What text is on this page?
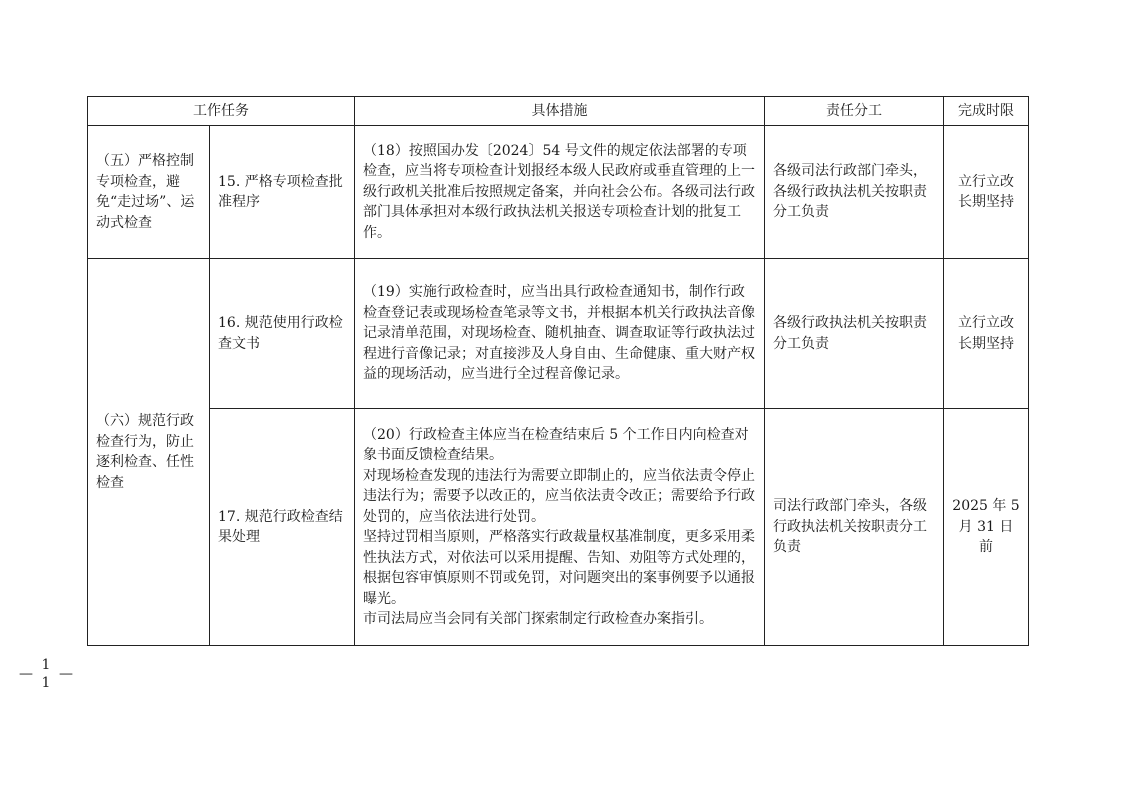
工作任务		具体措施	责任分工	完成时限
（五）严格控制专项检查，避免“走过场”、运动式检查	15. 严格专项检查批准程序	（18）按照国办发〔2024〕54 号文件的规定依法部署的专项检查，应当将专项检查计划报经本级人民政府或垂直管理的上一级行政机关批准后按照规定备案，并向社会公布。各级司法行政部门具体承担对本级行政执法机关报送专项检查计划的批复工作。	各级司法行政部门牵头，各级行政执法机关按职责分工负责	立行立改长期坚持
（六）规范行政检查行为，防止逐利检查、任性检查	16. 规范使用行政检查文书	（19）实施行政检查时，应当出具行政检查通知书，制作行政检查登记表或现场检查笔录等文书，并根据本机关行政执法音像记录清单范围，对现场检查、随机抽查、调查取证等行政执法过程进行音像记录；对直接涉及人身自由、生命健康、重大财产权益的现场活动，应当进行全过程音像记录。	各级行政执法机关按职责分工负责	立行立改长期坚持
	17. 规范行政检查结果处理	（20）行政检查主体应当在检查结束后 5 个工作日内向检查对象书面反馈检查结果。
对现场检查发现的违法行为需要立即制止的，应当依法责令停止违法行为；需要予以改正的，应当依法责令改正；需要给予行政处罚的，应当依法进行处罚。
坚持过罚相当原则，严格落实行政裁量权基准制度，更多采用柔性执法方式，对依法可以采用提醒、告知、劝阻等方式处理的，根据包容审慎原则不罚或免罚，对问题突出的案事例要予以通报曝光。
市司法局应当会同有关部门探索制定行政检查办案指引。	司法行政部门牵头，各级行政执法机关按职责分工负责	2025 年 5 月 31 日前
— 11 —
